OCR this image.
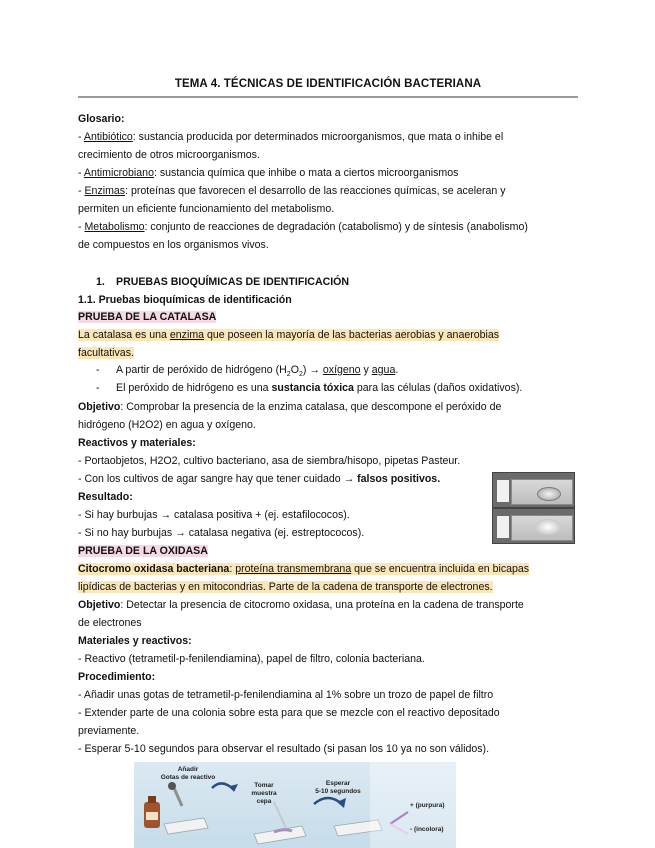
TEMA 4. TÉCNICAS DE IDENTIFICACIÓN BACTERIANA
Glosario:
- Antibiótico: sustancia producida por determinados microorganismos, que mata o inhibe el
crecimiento de otros microorganismos.
- Antimicrobiano: sustancia química que inhibe o mata a ciertos microorganismos
- Enzimas: proteínas que favorecen el desarrollo de las reacciones químicas, se aceleran y
permiten un eficiente funcionamiento del metabolismo.
- Metabolismo: conjunto de reacciones de degradación (catabolismo) y de síntesis (anabolismo)
de compuestos en los organismos vivos.
1. PRUEBAS BIOQUÍMICAS DE IDENTIFICACIÓN
1.1. Pruebas bioquímicas de identificación
PRUEBA DE LA CATALASA
La catalasa es una enzima que poseen la mayoría de las bacterias aerobias y anaerobias
facultativas.
- A partir de peróxido de hidrógeno $(H_2O_2)$ → oxígeno y agua.
- El peróxido de hidrógeno es una sustancia tóxica para las células (daños oxidativos).
Objetivo: Comprobar la presencia de la enzima catalasa, que descompone el peróxido de
hidrógeno (H2O2) en agua y oxígeno.
Reactivos y materiales:
- Portaobjetos, H2O2, cultivo bacteriano, asa de siembra/hisopo, pipetas Pasteur.
- Con los cultivos de agar sangre hay que tener cuidado → falsos positivos.
Resultado:
- Si hay burbujas → catalasa positiva + (ej. estafilococos).
- Si no hay burbujas → catalasa negativa (ej. estreptococos).
PRUEBA DE LA OXIDASA
Citocromo oxidasa bacteriana: proteína transmembrana que se encuentra incluida en bicapas
lipídicas de bacterias y en mitocondrias. Parte de la cadena de transporte de electrones.
Objetivo: Detectar la presencia de citocromo oxidasa, una proteína en la cadena de transporte
de electrones
Materiales y reactivos:
- Reactivo (tetrametil-p-fenilendiamina), papel de filtro, colonia bacteriana.
Procedimiento:
- Añadir unas gotas de tetrametil-p-fenilendiamina al 1% sobre un trozo de papel de filtro
- Extender parte de una colonia sobre esta para que se mezcle con el reactivo depositado
previamente.
- Esperar 5-10 segundos para observar el resultado (si pasan los 10 ya no son válidos).
Añadir
Gotas de reactivo
Tomar
muestra
cepa
Esperar
5-10 segundos
+ (purpura)
- (incolora)
